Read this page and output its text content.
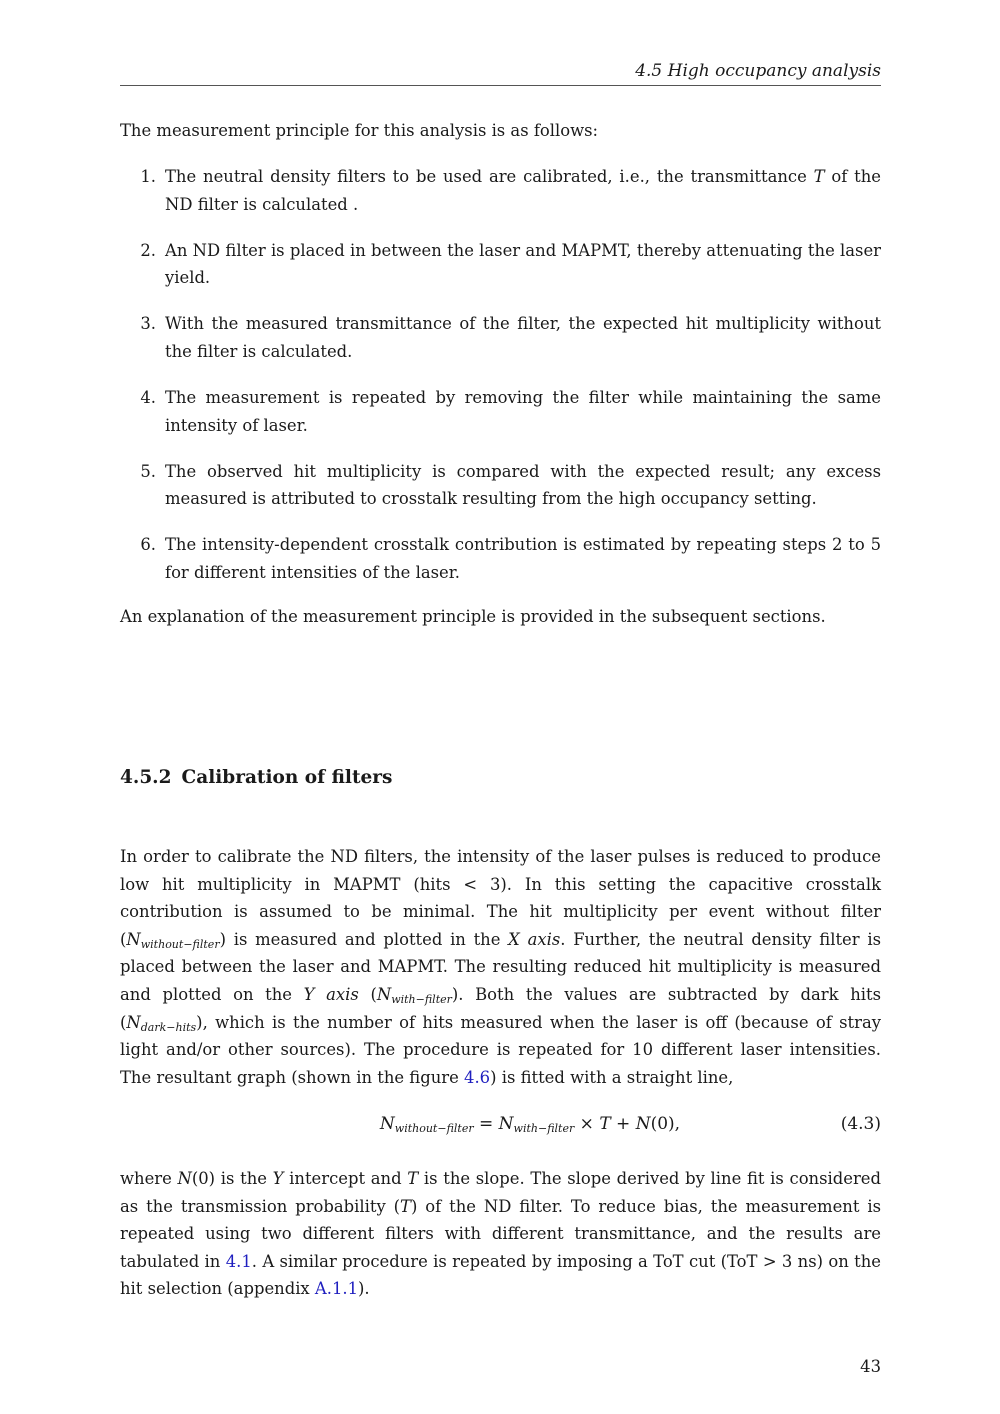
4.5 High occupancy analysis

The measurement principle for this analysis is as follows:

1. The neutral density filters to be used are calibrated, i.e., the transmittance T of the ND filter is calculated .
2. An ND filter is placed in between the laser and MAPMT, thereby attenuating the laser yield.
3. With the measured transmittance of the filter, the expected hit multiplicity without the filter is calculated.
4. The measurement is repeated by removing the filter while maintaining the same intensity of laser.
5. The observed hit multiplicity is compared with the expected result; any excess measured is attributed to crosstalk resulting from the high occupancy setting.
6. The intensity-dependent crosstalk contribution is estimated by repeating steps 2 to 5 for different intensities of the laser.

An explanation of the measurement principle is provided in the subsequent sections.

4.5.2 Calibration of filters

In order to calibrate the ND filters, the intensity of the laser pulses is reduced to produce low hit multiplicity in MAPMT (hits < 3). In this setting the capacitive crosstalk contribution is assumed to be minimal. The hit multiplicity per event without filter $(N_{without-filter})$ is measured and plotted in the X axis. Further, the neutral density filter is placed between the laser and MAPMT. The resulting reduced hit multiplicity is measured and plotted on the Y axis $(N_{with-filter})$. Both the values are subtracted by dark hits $(N_{dark-hits})$, which is the number of hits measured when the laser is off (because of stray light and/or other sources). The procedure is repeated for 10 different laser intensities. The resultant graph (shown in the figure 4.6) is fitted with a straight line,

$N_{without-filter} = N_{with-filter} \times T + N(0)$,	(4.3)

where N(0) is the Y intercept and T is the slope. The slope derived by line fit is considered as the transmission probability (T) of the ND filter. To reduce bias, the measurement is repeated using two different filters with different transmittance, and the results are tabulated in 4.1. A similar procedure is repeated by imposing a ToT cut (ToT > 3 ns) on the hit selection (appendix A.1.1).

43
